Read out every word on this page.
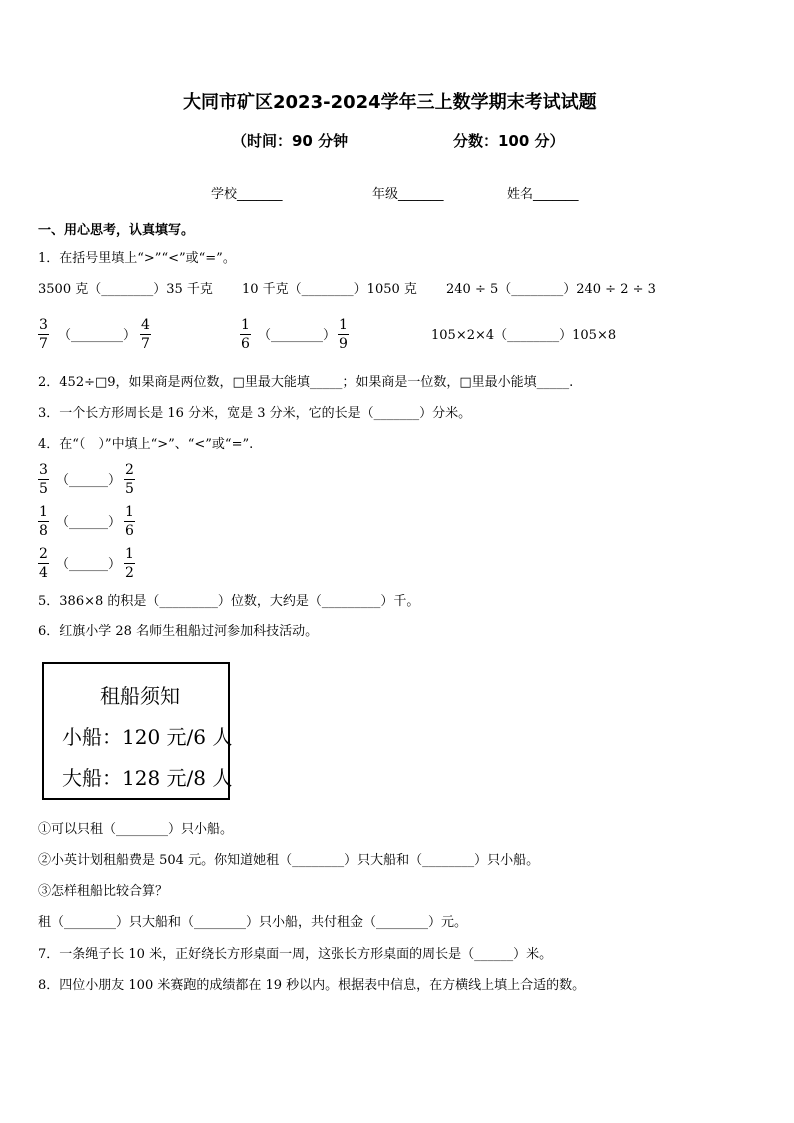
大同市矿区2023-2024学年三上数学期末考试试题
（时间：90 分钟	分数：100 分）
学校_______	年级_______	姓名_______
一、用心思考，认真填写。
1．在括号里填上“>”“<”或“=”。
3500 克（________）35 千克 10 千克（________）1050 克 240 ÷ 5（________）240 ÷ 2 ÷ 3
3
7
（________）
4
7
1
6
（________）
1
9
105×2×4（________）105×8
2．452÷□9，如果商是两位数，□里最大能填_____；如果商是一位数，□里最小能填_____.
3．一个长方形周长是 16 分米，宽是 3 分米，它的长是（_______）分米。
4．在“（　）”中填上“>”、“<”或“=”.
3
5
（______）
2
5
1
8
（______）
1
6
2
4
（______）
1
2
5．386×8 的积是（_________）位数，大约是（_________）千。
6．红旗小学 28 名师生租船过河参加科技活动。
租船须知
小船：120 元/6 人
大船：128 元/8 人
①可以只租（________）只小船。
②小英计划租船费是 504 元。你知道她租（________）只大船和（________）只小船。
③怎样租船比较合算？
租（________）只大船和（________）只小船，共付租金（________）元。
7．一条绳子长 10 米，正好绕长方形桌面一周，这张长方形桌面的周长是（______）米。
8．四位小朋友 100 米赛跑的成绩都在 19 秒以内。根据表中信息，在方横线上填上合适的数。
